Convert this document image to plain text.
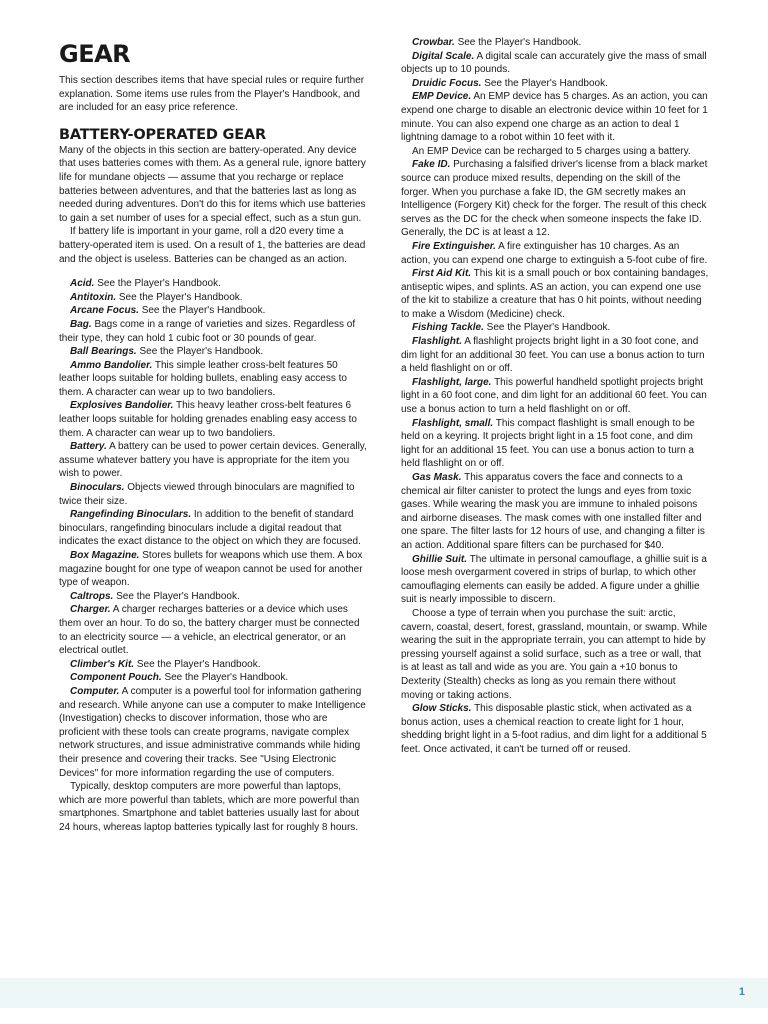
GEAR

This section describes items that have special rules or require further explanation. Some items use rules from the Player's Handbook, and are included for an easy price reference.

BATTERY-OPERATED GEAR

Many of the objects in this section are battery-operated. Any device that uses batteries comes with them. As a general rule, ignore battery life for mundane objects — assume that you recharge or replace batteries between adventures, and that the batteries last as long as needed during adventures. Don't do this for items which use batteries to gain a set number of uses for a special effect, such as a stun gun.

If battery life is important in your game, roll a d20 every time a battery-operated item is used. On a result of 1, the batteries are dead and the object is useless. Batteries can be changed as an action.

Acid. See the Player's Handbook.

Antitoxin. See the Player's Handbook.

Arcane Focus. See the Player's Handbook.

Bag. Bags come in a range of varieties and sizes. Regardless of their type, they can hold 1 cubic foot or 30 pounds of gear.

Ball Bearings. See the Player's Handbook.

Ammo Bandolier. This simple leather cross-belt features 50 leather loops suitable for holding bullets, enabling easy access to them. A character can wear up to two bandoliers.

Explosives Bandolier. This heavy leather cross-belt features 6 leather loops suitable for holding grenades enabling easy access to them. A character can wear up to two bandoliers.

Battery. A battery can be used to power certain devices. Generally, assume whatever battery you have is appropriate for the item you wish to power.

Binoculars. Objects viewed through binoculars are magnified to twice their size.

Rangefinding Binoculars. In addition to the benefit of standard binoculars, rangefinding binoculars include a digital readout that indicates the exact distance to the object on which they are focused.

Box Magazine. Stores bullets for weapons which use them. A box magazine bought for one type of weapon cannot be used for another type of weapon.

Caltrops. See the Player's Handbook.

Charger. A charger recharges batteries or a device which uses them over an hour. To do so, the battery charger must be connected to an electricity source — a vehicle, an electrical generator, or an electrical outlet.

Climber's Kit. See the Player's Handbook.

Component Pouch. See the Player's Handbook.

Computer. A computer is a powerful tool for information gathering and research. While anyone can use a computer to make Intelligence (Investigation) checks to discover information, those who are proficient with these tools can create programs, navigate complex network structures, and issue administrative commands while hiding their presence and covering their tracks. See "Using Electronic Devices" for more information regarding the use of computers.

Typically, desktop computers are more powerful than laptops, which are more powerful than tablets, which are more powerful than smartphones. Smartphone and tablet batteries usually last for about 24 hours, whereas laptop batteries typically last for roughly 8 hours.

Crowbar. See the Player's Handbook.

Digital Scale. A digital scale can accurately give the mass of small objects up to 10 pounds.

Druidic Focus. See the Player's Handbook.

EMP Device. An EMP device has 5 charges. As an action, you can expend one charge to disable an electronic device within 10 feet for 1 minute. You can also expend one charge as an action to deal 1 lightning damage to a robot within 10 feet with it.

An EMP Device can be recharged to 5 charges using a battery.

Fake ID. Purchasing a falsified driver's license from a black market source can produce mixed results, depending on the skill of the forger. When you purchase a fake ID, the GM secretly makes an Intelligence (Forgery Kit) check for the forger. The result of this check serves as the DC for the check when someone inspects the fake ID. Generally, the DC is at least a 12.

Fire Extinguisher. A fire extinguisher has 10 charges. As an action, you can expend one charge to extinguish a 5-foot cube of fire.

First Aid Kit. This kit is a small pouch or box containing bandages, antiseptic wipes, and splints. AS an action, you can expend one use of the kit to stabilize a creature that has 0 hit points, without needing to make a Wisdom (Medicine) check.

Fishing Tackle. See the Player's Handbook.

Flashlight. A flashlight projects bright light in a 30 foot cone, and dim light for an additional 30 feet. You can use a bonus action to turn a held flashlight on or off.

Flashlight, large. This powerful handheld spotlight projects bright light in a 60 foot cone, and dim light for an additional 60 feet. You can use a bonus action to turn a held flashlight on or off.

Flashlight, small. This compact flashlight is small enough to be held on a keyring. It projects bright light in a 15 foot cone, and dim light for an additional 15 feet. You can use a bonus action to turn a held flashlight on or off.

Gas Mask. This apparatus covers the face and connects to a chemical air filter canister to protect the lungs and eyes from toxic gases. While wearing the mask you are immune to inhaled poisons and airborne diseases. The mask comes with one installed filter and one spare. The filter lasts for 12 hours of use, and changing a filter is an action. Additional spare filters can be purchased for $40.

Ghillie Suit. The ultimate in personal camouflage, a ghillie suit is a loose mesh overgarment covered in strips of burlap, to which other camouflaging elements can easily be added. A figure under a ghillie suit is nearly impossible to discern.

Choose a type of terrain when you purchase the suit: arctic, cavern, coastal, desert, forest, grassland, mountain, or swamp. While wearing the suit in the appropriate terrain, you can attempt to hide by pressing yourself against a solid surface, such as a tree or wall, that is at least as tall and wide as you are. You gain a +10 bonus to Dexterity (Stealth) checks as long as you remain there without moving or taking actions.

Glow Sticks. This disposable plastic stick, when activated as a bonus action, uses a chemical reaction to create light for 1 hour, shedding bright light in a 5-foot radius, and dim light for a additional 5 feet. Once activated, it can't be turned off or reused.

1
